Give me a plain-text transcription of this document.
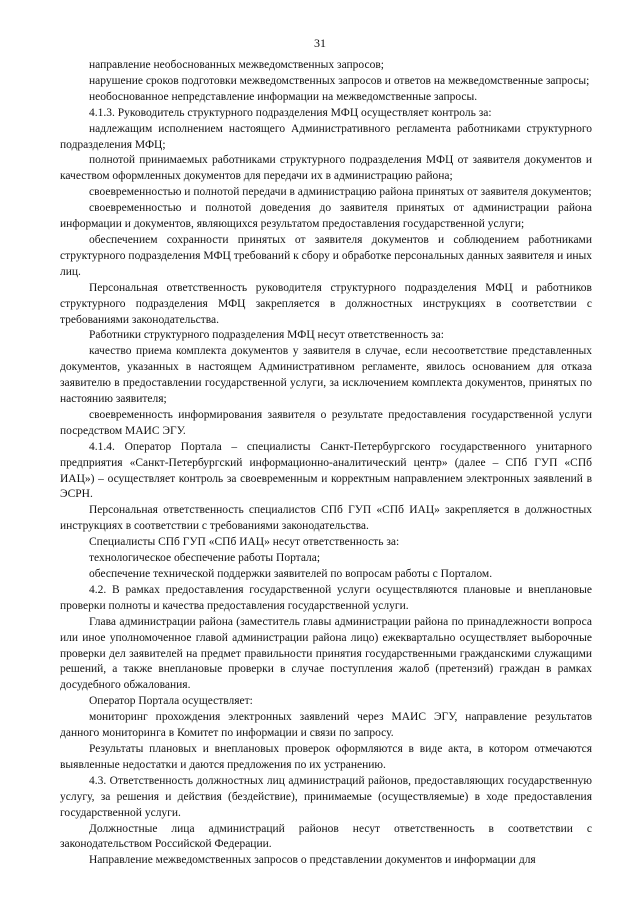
31

направление необоснованных межведомственных запросов;

нарушение сроков подготовки межведомственных запросов и ответов на межведомственные запросы;

необоснованное непредставление информации на межведомственные запросы.

4.1.3. Руководитель структурного подразделения МФЦ осуществляет контроль за:

надлежащим исполнением настоящего Административного регламента работниками структурного подразделения МФЦ;

полнотой принимаемых работниками структурного подразделения МФЦ от заявителя документов и качеством оформленных документов для передачи их в администрацию района;

своевременностью и полнотой передачи в администрацию района принятых от заявителя документов;

своевременностью и полнотой доведения до заявителя принятых от администрации района информации и документов, являющихся результатом предоставления государственной услуги;

обеспечением сохранности принятых от заявителя документов и соблюдением работниками структурного подразделения МФЦ требований к сбору и обработке персональных данных заявителя и иных лиц.

Персональная ответственность руководителя структурного подразделения МФЦ и работников структурного подразделения МФЦ закрепляется в должностных инструкциях в соответствии с требованиями законодательства.

Работники структурного подразделения МФЦ несут ответственность за:

качество приема комплекта документов у заявителя в случае, если несоответствие представленных документов, указанных в настоящем Административном регламенте, явилось основанием для отказа заявителю в предоставлении государственной услуги, за исключением комплекта документов, принятых по настоянию заявителя;

своевременность информирования заявителя о результате предоставления государственной услуги посредством МАИС ЭГУ.

4.1.4. Оператор Портала – специалисты Санкт-Петербургского государственного унитарного предприятия «Санкт-Петербургский информационно-аналитический центр» (далее – СПб ГУП «СПб ИАЦ») – осуществляет контроль за своевременным и корректным направлением электронных заявлений в ЭСРН.

Персональная ответственность специалистов СПб ГУП «СПб ИАЦ» закрепляется в должностных инструкциях в соответствии с требованиями законодательства.

Специалисты СПб ГУП «СПб ИАЦ» несут ответственность за:

технологическое обеспечение работы Портала;

обеспечение технической поддержки заявителей по вопросам работы с Порталом.

4.2. В рамках предоставления государственной услуги осуществляются плановые и внеплановые проверки полноты и качества предоставления государственной услуги.

Глава администрации района (заместитель главы администрации района по принадлежности вопроса или иное уполномоченное главой администрации района лицо) ежеквартально осуществляет выборочные проверки дел заявителей на предмет правильности принятия государственными гражданскими служащими решений, а также внеплановые проверки в случае поступления жалоб (претензий) граждан в рамках досудебного обжалования.

Оператор Портала осуществляет:

мониторинг прохождения электронных заявлений через МАИС ЭГУ, направление результатов данного мониторинга в Комитет по информации и связи по запросу.

Результаты плановых и внеплановых проверок оформляются в виде акта, в котором отмечаются выявленные недостатки и даются предложения по их устранению.

4.3. Ответственность должностных лиц администраций районов, предоставляющих государственную услугу, за решения и действия (бездействие), принимаемые (осуществляемые) в ходе предоставления государственной услуги.

Должностные лица администраций районов несут ответственность в соответствии с законодательством Российской Федерации.

Направление межведомственных запросов о представлении документов и информации для
